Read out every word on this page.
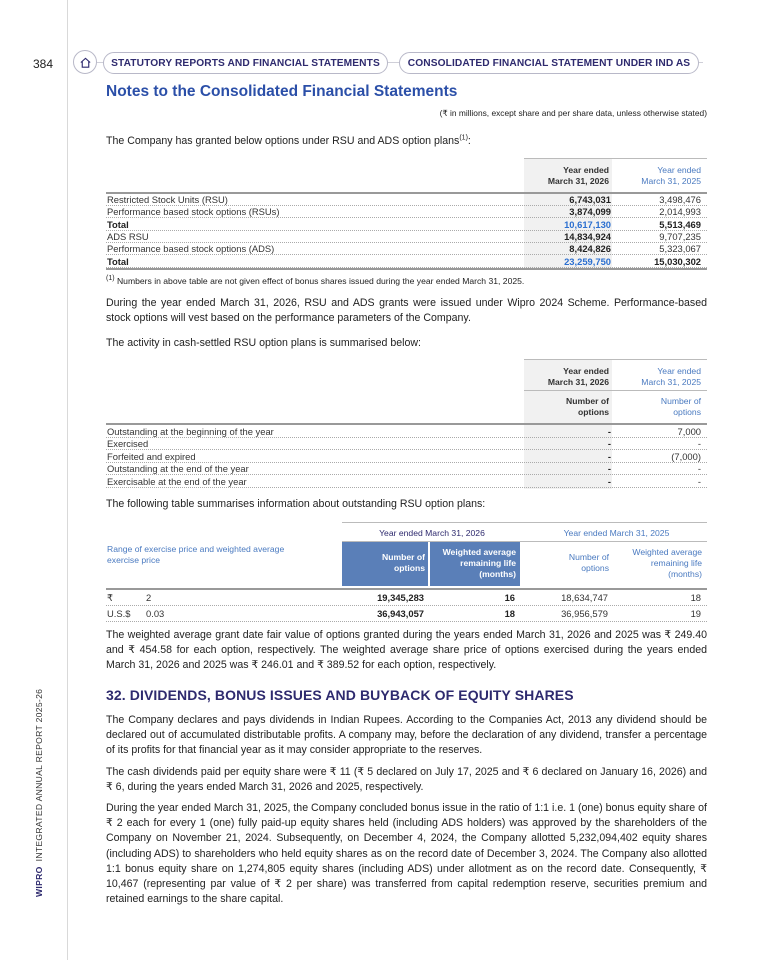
384	STATUTORY REPORTS AND FINANCIAL STATEMENTS	CONSOLIDATED FINANCIAL STATEMENT UNDER IND AS
WIPROINTEGRATED ANNUAL REPORT 2025-26
Notes to the Consolidated Financial Statements
(₹ in millions, except share and per share data, unless otherwise stated)
The Company has granted below options under RSU and ADS option plans$^{(1)}$:
Year ended
March 31, 2026
Year ended
March 31, 2025
Restricted Stock Units (RSU)	6,743,031	3,498,476
Performance based stock options (RSUs)	3,874,099	2,014,993
Total	10,617,130	5,513,469
ADS RSU	14,834,924	9,707,235
Performance based stock options (ADS)	8,424,826	5,323,067
Total	23,259,750	15,030,302
$^{(1)}$ Numbers in above table are not given effect of bonus shares issued during the year ended March 31, 2025.
During the year ended March 31, 2026, RSU and ADS grants were issued under Wipro 2024 Scheme. Performance-based stock options will vest based on the performance parameters of the Company.
The activity in cash-settled RSU option plans is summarised below:
Year ended
March 31, 2026
Year ended
March 31, 2025
Number of
options
Number of
options
Outstanding at the beginning of the year	-	7,000
Exercised	-	-
Forfeited and expired	-	(7,000)
Outstanding at the end of the year	-	-
Exercisable at the end of the year	-	-
The following table summarises information about outstanding RSU option plans:
Year ended March 31, 2026	Year ended March 31, 2025
Number of
options
Weighted average
remaining life
(months)
Number of
options
Weighted average
remaining life
(months)
Range of exercise price and weighted average exercise price
₹	2	19,345,283	16	18,634,747	18
U.S.$ 0.03	36,943,057	18	36,956,579	19
The weighted average grant date fair value of options granted during the years ended March 31, 2026 and 2025 was ₹ 249.40 and ₹ 454.58 for each option, respectively. The weighted average share price of options exercised during the years ended March 31, 2026 and 2025 was ₹ 246.01 and ₹ 389.52 for each option, respectively.
32. DIVIDENDS, BONUS ISSUES AND BUYBACK OF EQUITY SHARES
The Company declares and pays dividends in Indian Rupees. According to the Companies Act, 2013 any dividend should be declared out of accumulated distributable profits. A company may, before the declaration of any dividend, transfer a percentage of its profits for that financial year as it may consider appropriate to the reserves.
The cash dividends paid per equity share were ₹ 11 (₹ 5 declared on July 17, 2025 and ₹ 6 declared on January 16, 2026) and ₹ 6, during the years ended March 31, 2026 and 2025, respectively.
During the year ended March 31, 2025, the Company concluded bonus issue in the ratio of 1:1 i.e. 1 (one) bonus equity share of ₹ 2 each for every 1 (one) fully paid-up equity shares held (including ADS holders) was approved by the shareholders of the Company on November 21, 2024. Subsequently, on December 4, 2024, the Company allotted 5,232,094,402 equity shares (including ADS) to shareholders who held equity shares as on the record date of December 3, 2024. The Company also allotted 1:1 bonus equity share on 1,274,805 equity shares (including ADS) under allotment as on the record date. Consequently, ₹ 10,467 (representing par value of ₹ 2 per share) was transferred from capital redemption reserve, securities premium and retained earnings to the share capital.
